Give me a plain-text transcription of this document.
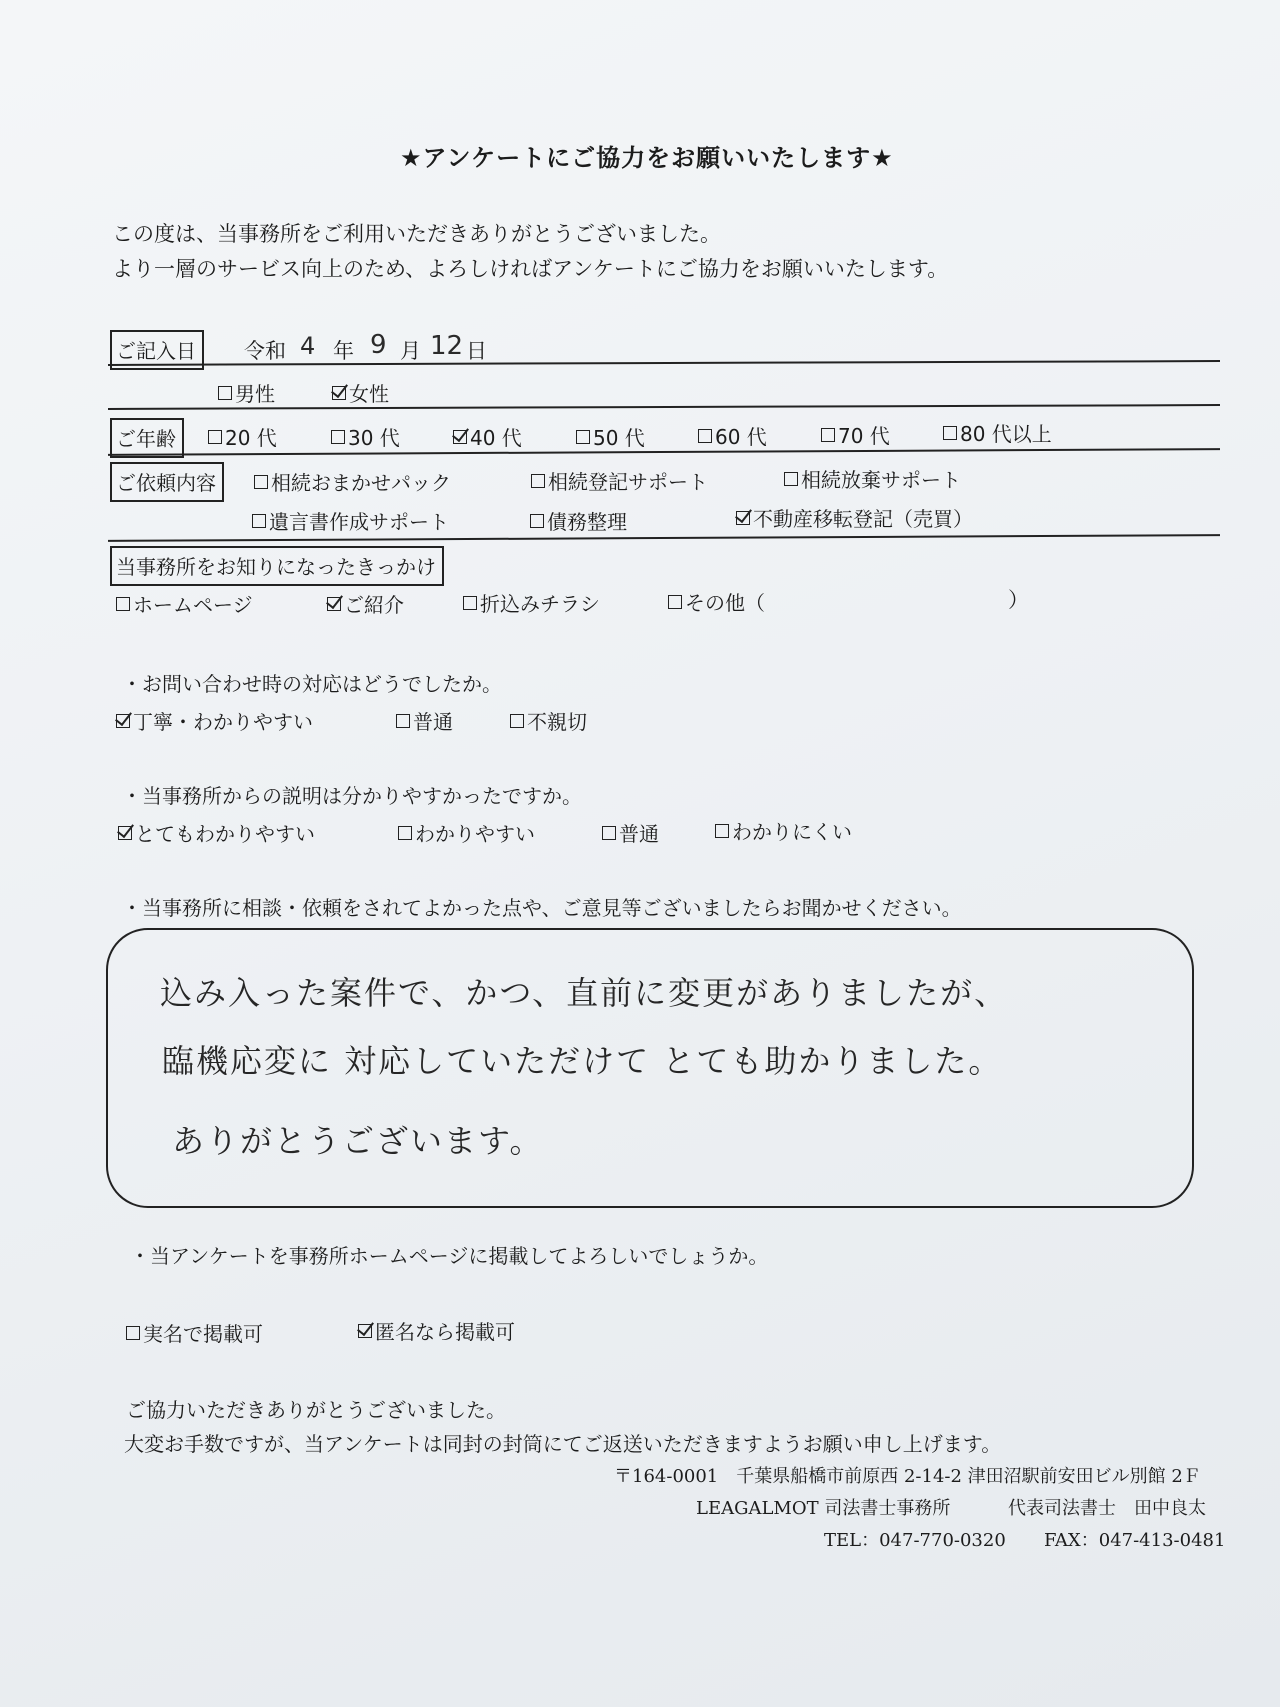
★アンケートにご協力をお願いいたします★
この度は、当事務所をご利用いただきありがとうございました。
より一層のサービス向上のため、よろしければアンケートにご協力をお願いいたします。
ご記入日	令和 4 年 9 月 12 日
男性	女性
ご年齢	20 代	30 代	40 代	50 代	60 代	70 代	80 代以上
ご依頼内容	相続おまかせパック	相続登記サポート	相続放棄サポート
遺言書作成サポート	債務整理	不動産移転登記（売買）
当事務所をお知りになったきっかけ
ホームページ	ご紹介	折込みチラシ	その他（	）
・お問い合わせ時の対応はどうでしたか。
丁寧・わかりやすい	普通	不親切
・当事務所からの説明は分かりやすかったですか。
とてもわかりやすい	わかりやすい	普通	わかりにくい
・当事務所に相談・依頼をされてよかった点や、ご意見等ございましたらお聞かせください。
込み入った案件で、かつ、直前に変更がありましたが、
臨機応変に 対応していただけて とても助かりました。
ありがとうございます。
・当アンケートを事務所ホームページに掲載してよろしいでしょうか。
実名で掲載可	匿名なら掲載可
ご協力いただきありがとうございました。
大変お手数ですが、当アンケートは同封の封筒にてご返送いただきますようお願い申し上げます。
〒164-0001　千葉県船橋市前原西 2-14-2 津田沼駅前安田ビル別館 2Ｆ
LEAGALMOT 司法書士事務所	代表司法書士　田中良太
TEL：047-770-0320 FAX：047-413-0481
